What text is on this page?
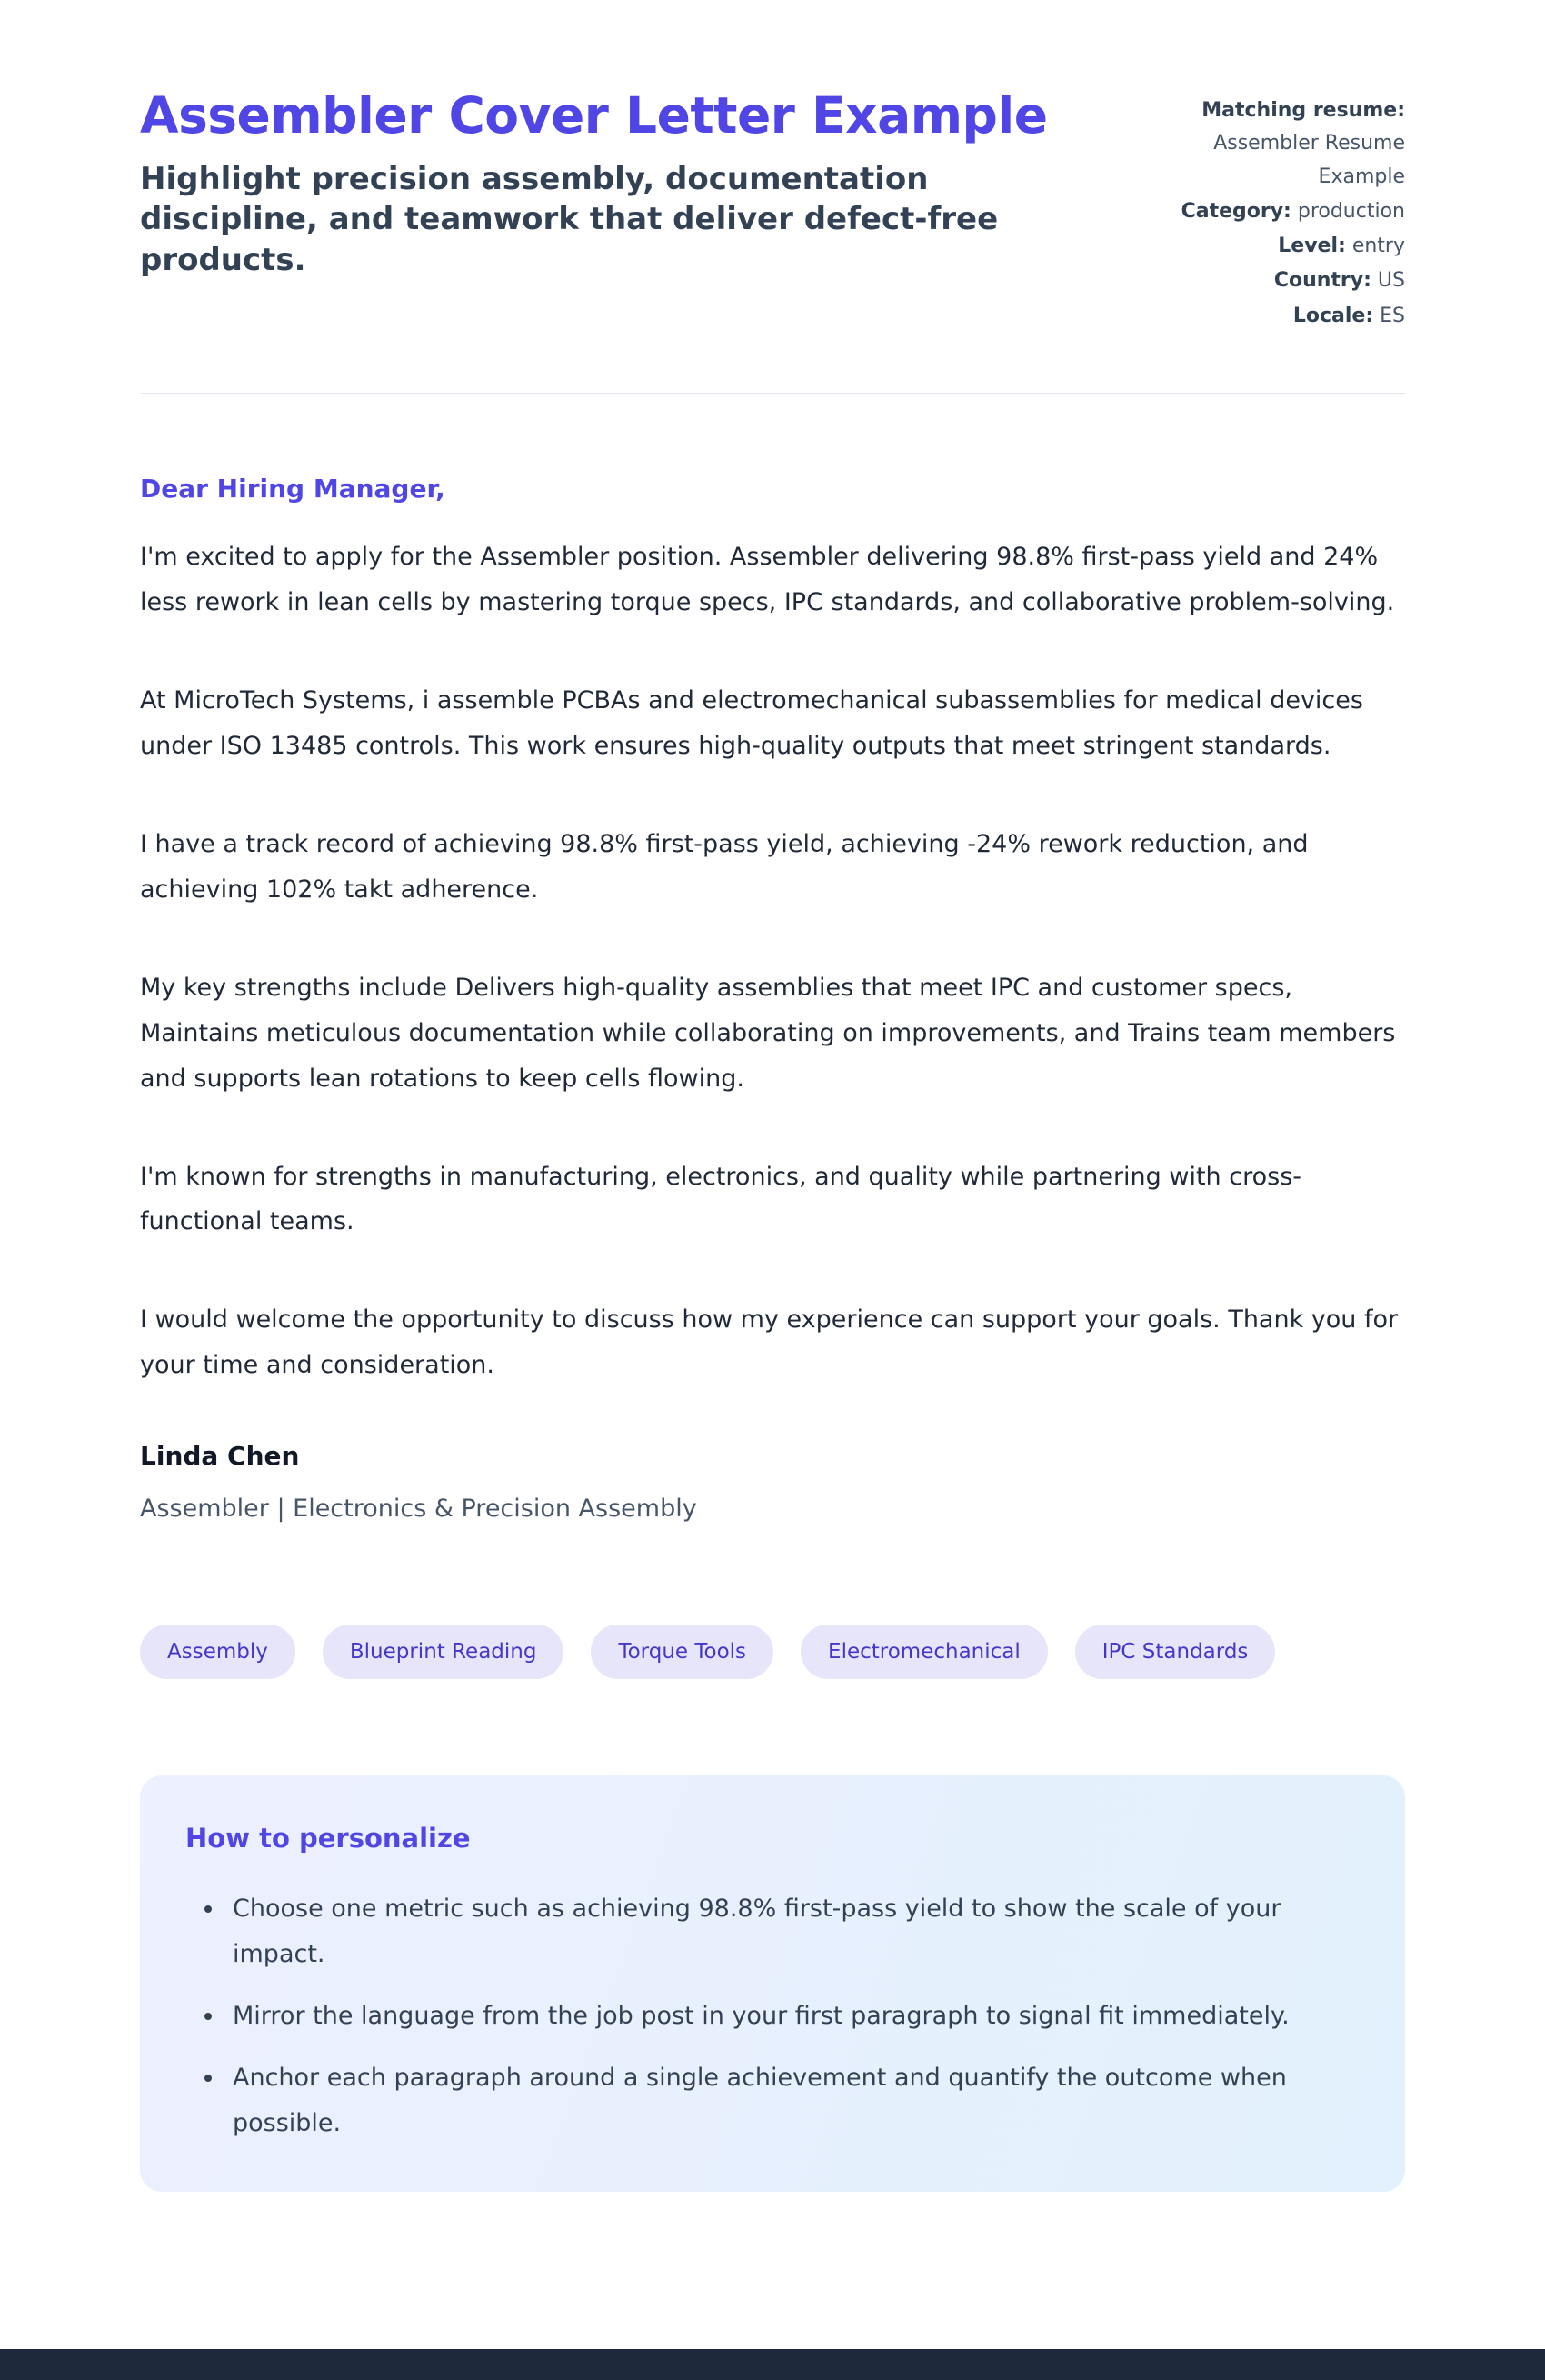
Assembler Cover Letter Example
Highlight precision assembly, documentation discipline, and teamwork that deliver defect-free products.
Matching resume: Assembler Resume Example
Category: production
Level: entry
Country: US
Locale: ES
Dear Hiring Manager,

I'm excited to apply for the Assembler position. Assembler delivering 98.8% first-pass yield and 24% less rework in lean cells by mastering torque specs, IPC standards, and collaborative problem-solving.

At MicroTech Systems, i assemble PCBAs and electromechanical subassemblies for medical devices under ISO 13485 controls. This work ensures high-quality outputs that meet stringent standards.

I have a track record of achieving 98.8% first-pass yield, achieving -24% rework reduction, and achieving 102% takt adherence.

My key strengths include Delivers high-quality assemblies that meet IPC and customer specs, Maintains meticulous documentation while collaborating on improvements, and Trains team members and supports lean rotations to keep cells flowing.

I'm known for strengths in manufacturing, electronics, and quality while partnering with cross-functional teams.

I would welcome the opportunity to discuss how my experience can support your goals. Thank you for your time and consideration.

Linda Chen
Assembler | Electronics & Precision Assembly
Assembly	Blueprint Reading	Torque Tools	Electromechanical	IPC Standards
How to personalize
• Choose one metric such as achieving 98.8% first-pass yield to show the scale of your impact.
• Mirror the language from the job post in your first paragraph to signal fit immediately.
• Anchor each paragraph around a single achievement and quantify the outcome when possible.
